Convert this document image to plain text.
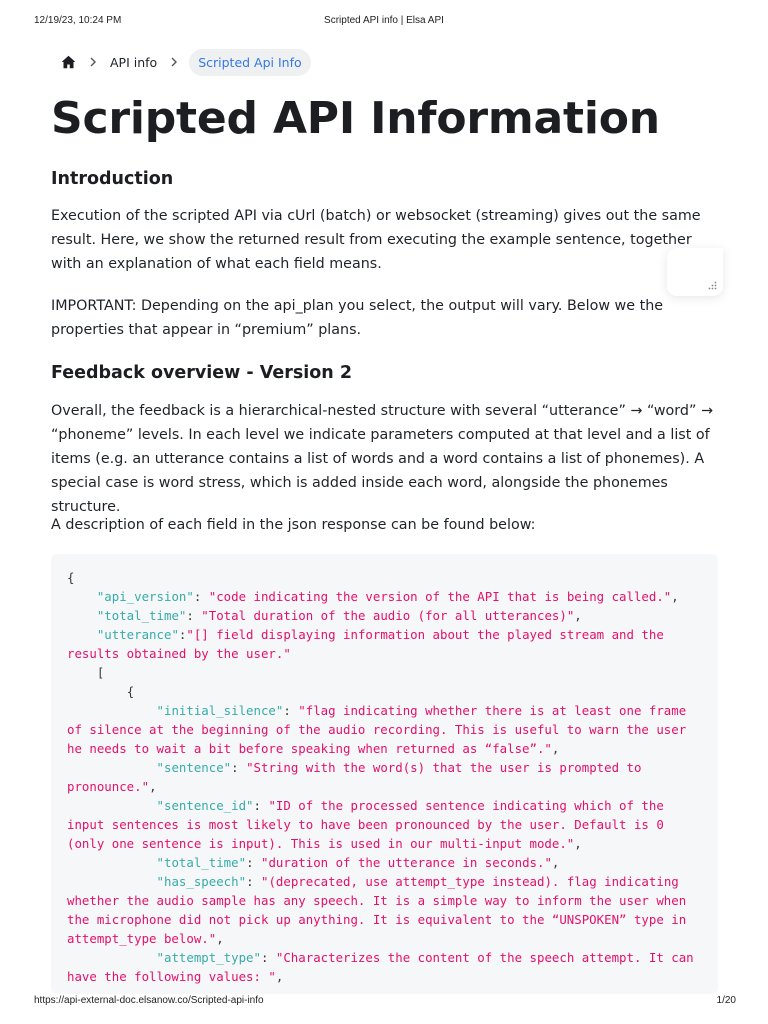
12/19/23, 10:24 PM	Scripted API info | Elsa API
API info	Scripted Api Info
Scripted API Information
Introduction

Execution of the scripted API via cUrl (batch) or websocket (streaming) gives out the same result. Here, we show the returned result from executing the example sentence, together with an explanation of what each field means.

IMPORTANT: Depending on the api_plan you select, the output will vary. Below we the properties that appear in “premium” plans.

Feedback overview - Version 2

Overall, the feedback is a hierarchical-nested structure with several “utterance” → “word” → “phoneme” levels. In each level we indicate parameters computed at that level and a list of items (e.g. an utterance contains a list of words and a word contains a list of phonemes). A special case is word stress, which is added inside each word, alongside the phonemes structure.

A description of each field in the json response can be found below:

{
"api_version": "code indicating the version of the API that is being called.",
"total_time": "Total duration of the audio (for all utterances)",
"utterance":"[] field displaying information about the played stream and the results obtained by the user."
[
{
"initial_silence": "flag indicating whether there is at least one frame of silence at the beginning of the audio recording. This is useful to warn the user he needs to wait a bit before speaking when returned as “false”.",
"sentence": "String with the word(s) that the user is prompted to pronounce.",
"sentence_id": "ID of the processed sentence indicating which of the input sentences is most likely to have been pronounced by the user. Default is 0 (only one sentence is input). This is used in our multi-input mode.",
"total_time": "duration of the utterance in seconds.",
"has_speech": "(deprecated, use attempt_type instead). flag indicating whether the audio sample has any speech. It is a simple way to inform the user when the microphone did not pick up anything. It is equivalent to the “UNSPOKEN” type in attempt_type below.",
"attempt_type": "Characterizes the content of the speech attempt. It can have the following values: ",
https://api-external-doc.elsanow.co/Scripted-api-info	1/20
